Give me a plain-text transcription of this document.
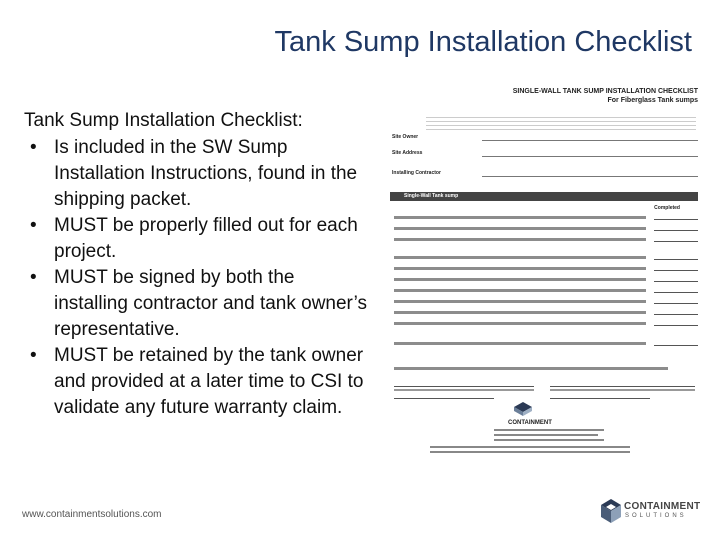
Tank Sump Installation Checklist
Tank Sump Installation Checklist:
• Is included in the SW Sump Installation Instructions, found in the shipping packet.
• MUST be properly filled out for each project.
• MUST be signed by both the installing contractor and tank owner’s representative.
• MUST be retained by the tank owner and provided at a later time to CSI to validate any future warranty claim.
SINGLE-WALL TANK SUMP INSTALLATION CHECKLIST
For Fiberglass Tank sumps
Site Owner
Site Address
Installing Contractor
Single-Wall Tank sump
Completed
CONTAINMENT
www.containmentsolutions.com
CONTAINMENT
SOLUTIONS
